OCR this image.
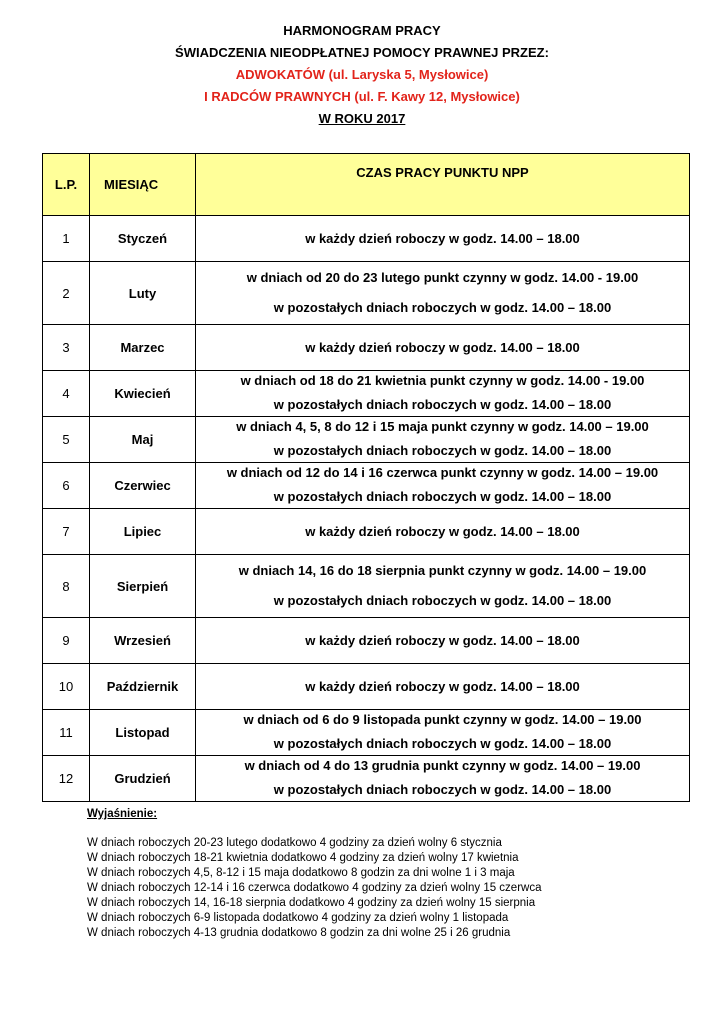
HARMONOGRAM PRACY
ŚWIADCZENIA NIEODPŁATNEJ POMOCY PRAWNEJ PRZEZ:
ADWOKATÓW (ul. Laryska 5, Mysłowice)
I RADCÓW PRAWNYCH (ul. F. Kawy 12, Mysłowice)
W ROKU 2017
L.P.	MIESIĄC	CZAS PRACY PUNKTU NPP
1	Styczeń	w każdy dzień roboczy w godz. 14.00 – 18.00

2	Luty	w dniach od 20 do 23 lutego punkt czynny w godz. 14.00 - 19.00
w pozostałych dniach roboczych w godz. 14.00 – 18.00

3	Marzec	w każdy dzień roboczy w godz. 14.00 – 18.00

4	Kwiecień	w dniach od 18 do 21 kwietnia punkt czynny w godz. 14.00 - 19.00
w pozostałych dniach roboczych w godz. 14.00 – 18.00

5	Maj	w dniach 4, 5, 8 do 12 i 15 maja punkt czynny w godz. 14.00 – 19.00
w pozostałych dniach roboczych w godz. 14.00 – 18.00

6	Czerwiec	w dniach od 12 do 14 i 16 czerwca punkt czynny w godz. 14.00 – 19.00
w pozostałych dniach roboczych w godz. 14.00 – 18.00

7	Lipiec	w każdy dzień roboczy w godz. 14.00 – 18.00

8	Sierpień	w dniach 14, 16 do 18 sierpnia punkt czynny w godz. 14.00 – 19.00
w pozostałych dniach roboczych w godz. 14.00 – 18.00

9	Wrzesień	w każdy dzień roboczy w godz. 14.00 – 18.00

10	Październik	w każdy dzień roboczy w godz. 14.00 – 18.00

11	Listopad	w dniach od 6 do 9 listopada punkt czynny w godz. 14.00 – 19.00
w pozostałych dniach roboczych w godz. 14.00 – 18.00

12	Grudzień	w dniach od 4 do 13 grudnia punkt czynny w godz. 14.00 – 19.00
w pozostałych dniach roboczych w godz. 14.00 – 18.00
Wyjaśnienie:
W dniach roboczych 20-23 lutego dodatkowo 4 godziny za dzień wolny 6 stycznia
W dniach roboczych 18-21 kwietnia dodatkowo 4 godziny za dzień wolny 17 kwietnia
W dniach roboczych 4,5, 8-12 i 15 maja dodatkowo 8 godzin za dni wolne 1 i 3 maja
W dniach roboczych 12-14 i 16 czerwca dodatkowo 4 godziny za dzień wolny 15 czerwca
W dniach roboczych 14, 16-18 sierpnia dodatkowo 4 godziny za dzień wolny 15 sierpnia
W dniach roboczych 6-9 listopada dodatkowo 4 godziny za dzień wolny 1 listopada
W dniach roboczych 4-13 grudnia dodatkowo 8 godzin za dni wolne 25 i 26 grudnia
